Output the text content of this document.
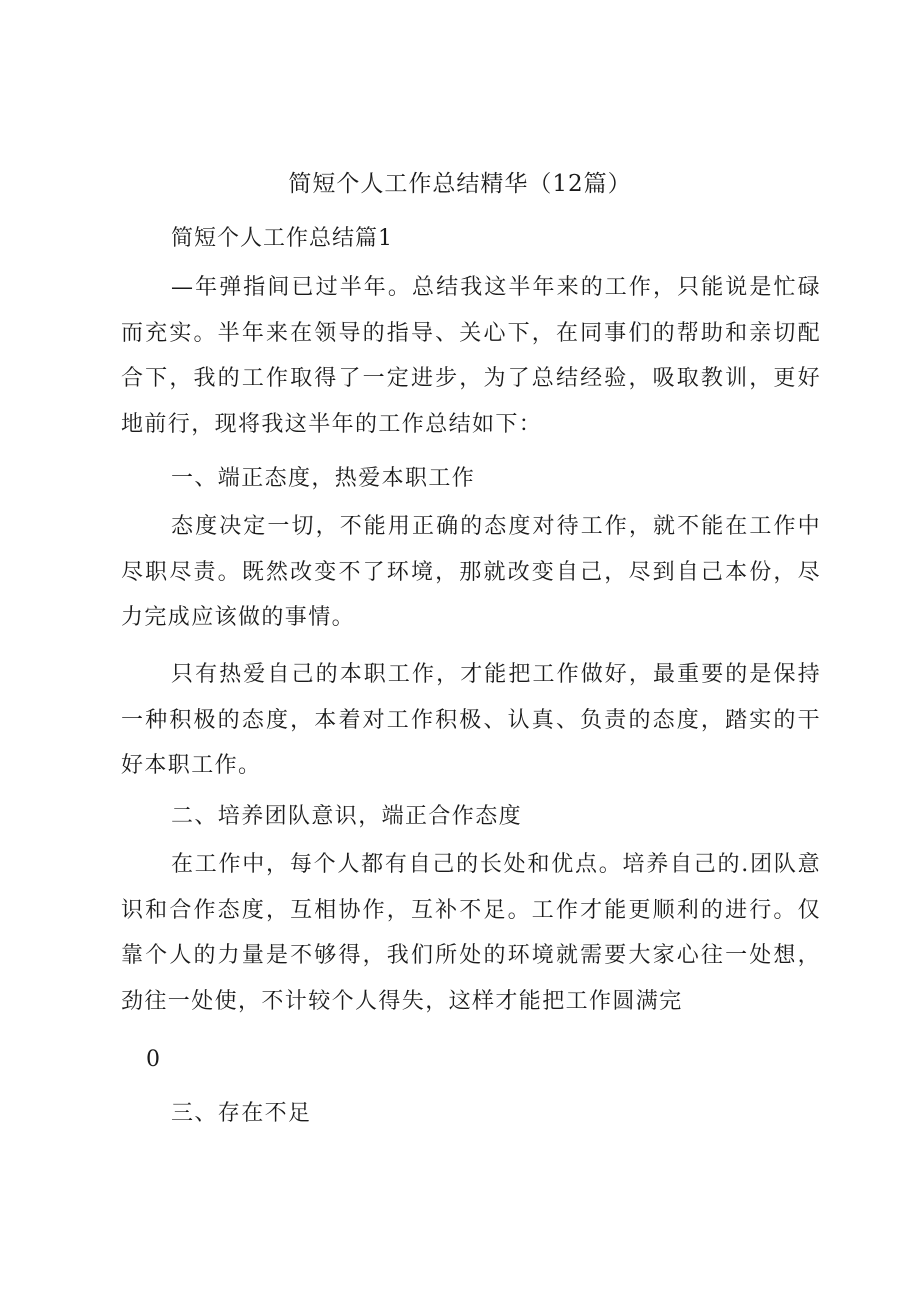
简短个人工作总结精华（12篇）
简短个人工作总结篇1

—年弹指间已过半年。总结我这半年来的工作，只能说是忙碌而充实。半年来在领导的指导、关心下，在同事们的帮助和亲切配合下，我的工作取得了一定进步，为了总结经验，吸取教训，更好地前行，现将我这半年的工作总结如下：

一、端正态度，热爱本职工作

态度决定一切，不能用正确的态度对待工作，就不能在工作中尽职尽责。既然改变不了环境，那就改变自己，尽到自己本份，尽力完成应该做的事情。

只有热爱自己的本职工作，才能把工作做好，最重要的是保持一种积极的态度，本着对工作积极、认真、负责的态度，踏实的干好本职工作。

二、培养团队意识，端正合作态度

在工作中，每个人都有自己的长处和优点。培养自己的.团队意识和合作态度，互相协作，互补不足。工作才能更顺利的进行。仅靠个人的力量是不够得，我们所处的环境就需要大家心往一处想，劲往一处使，不计较个人得失，这样才能把工作圆满完

0

三、存在不足
